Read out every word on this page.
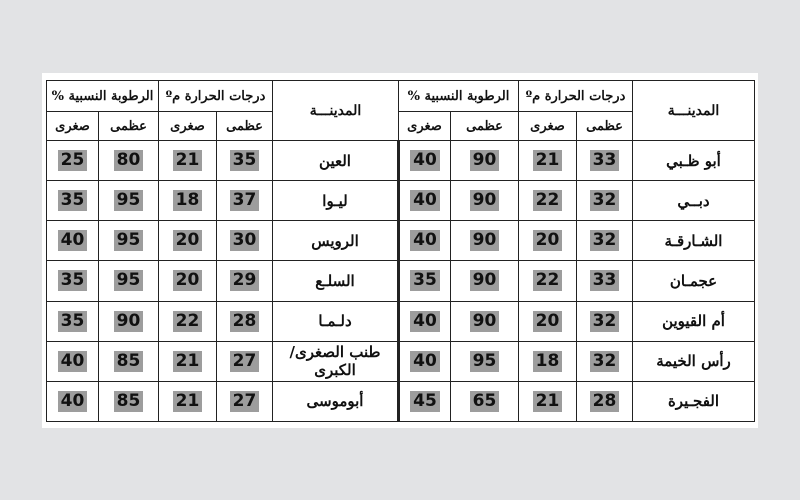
المدينـــة	درجات الحرارة مº		الرطوبة النسبية %		المدينـــة	درجات الحرارة مº		الرطوبة النسبية %	
	عظمى	صغرى	عظمى	صغرى		عظمى	صغرى	عظمى	صغرى
أبو ظـبي	33	21	90	40	العين	35	21	80	25
دبــي	32	22	90	40	ليـوا	37	18	95	35
الشـارقـة	32	20	90	40	الرويس	30	20	95	40
عجمـان	33	22	90	35	السلـع	29	20	95	35
أم القيوين	32	20	90	40	دلـمـا	28	22	90	35
رأس الخيمة	32	18	95	40	طنب الصغرى/ الكبرى	27	21	85	40
الفجـيرة	28	21	65	45	أبوموسى	27	21	85	40
